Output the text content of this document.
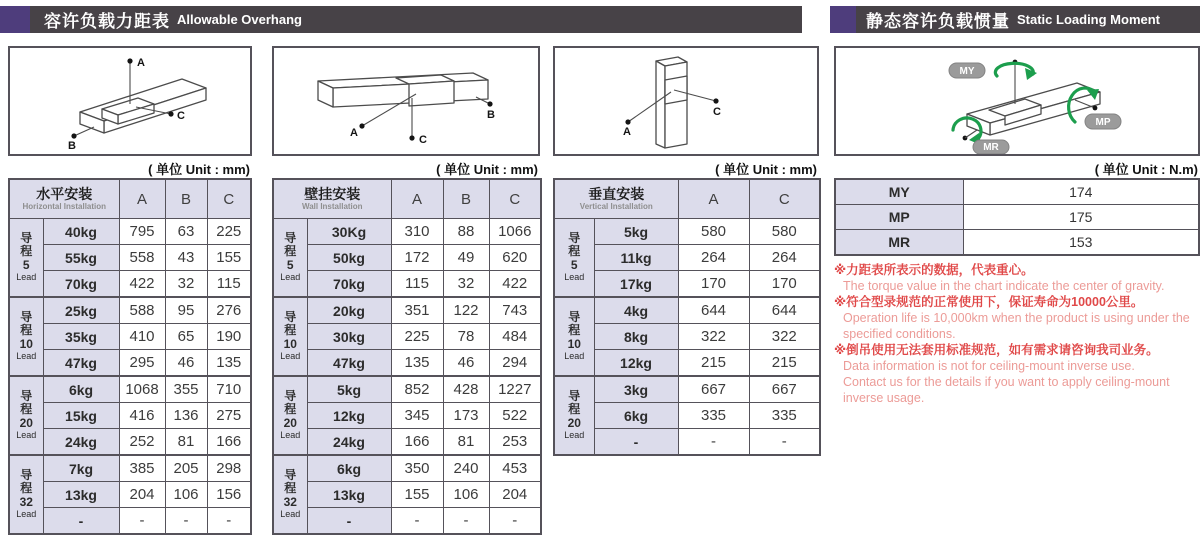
容许负载力距表 Allowable Overhang	静态容许负载惯量 Static Loading Moment
A
B
C
( 单位 Unit : mm)
水平安装
Horizontal Installation		A	B	C

导
程
5
Lead	40kg	795	63	225
	55kg	558	43	155
	70kg	422	32	115

导
程
10
Lead	25kg	588	95	276
	35kg	410	65	190
	47kg	295	46	135

导
程
20
Lead	6kg	1068	355	710
	15kg	416	136	275
	24kg	252	81	166

导
程
32
Lead	7kg	385	205	298
	13kg	204	106	156
	-	-	-	-
A
B
C
( 单位 Unit : mm)
壁挂安装
Wall Installation		A	B	C

导
程
5
Lead	30Kg	310	88	1066
	50kg	172	49	620
	70kg	115	32	422

导
程
10
Lead	20kg	351	122	743
	30kg	225	78	484
	47kg	135	46	294

导
程
20
Lead	5kg	852	428	1227
	12kg	345	173	522
	24kg	166	81	253

导
程
32
Lead	6kg	350	240	453
	13kg	155	106	204
	-	-	-	-
A
C
( 单位 Unit : mm)
垂直安装
Vertical Installation		A	C

导
程
5
Lead	5kg	580	580
	11kg	264	264
	17kg	170	170

导
程
10
Lead	4kg	644	644
	8kg	322	322
	12kg	215	215

导
程
20
Lead	3kg	667	667
	6kg	335	335
	-	-	-
MY
MP
MR
( 单位 Unit : N.m)
MY	174
MP	175
MR	153
※力距表所表示的数据，代表重心。
The torque value in the chart indicate the center of gravity.
※符合型录规范的正常使用下，保证寿命为10000公里。
Operation life is 10,000km when the product is using under the specified conditions.
※倒吊使用无法套用标准规范，如有需求请咨询我司业务。
Data information is not for ceiling-mount inverse use.
Contact us for the details if you want to apply ceiling-mount inverse usage.
